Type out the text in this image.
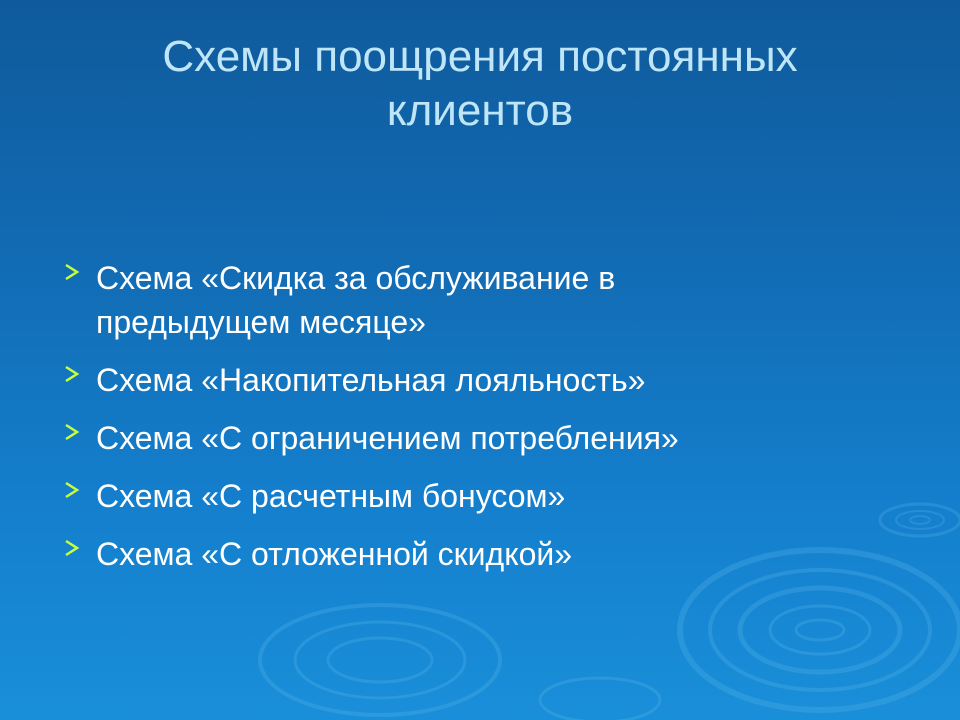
Схемы поощрения постоянных
клиентов
Схема «Скидка за обслуживание в
предыдущем месяце»
Схема «Накопительная лояльность»
Схема «С ограничением потребления»
Схема «С расчетным бонусом»
Схема «С отложенной скидкой»
